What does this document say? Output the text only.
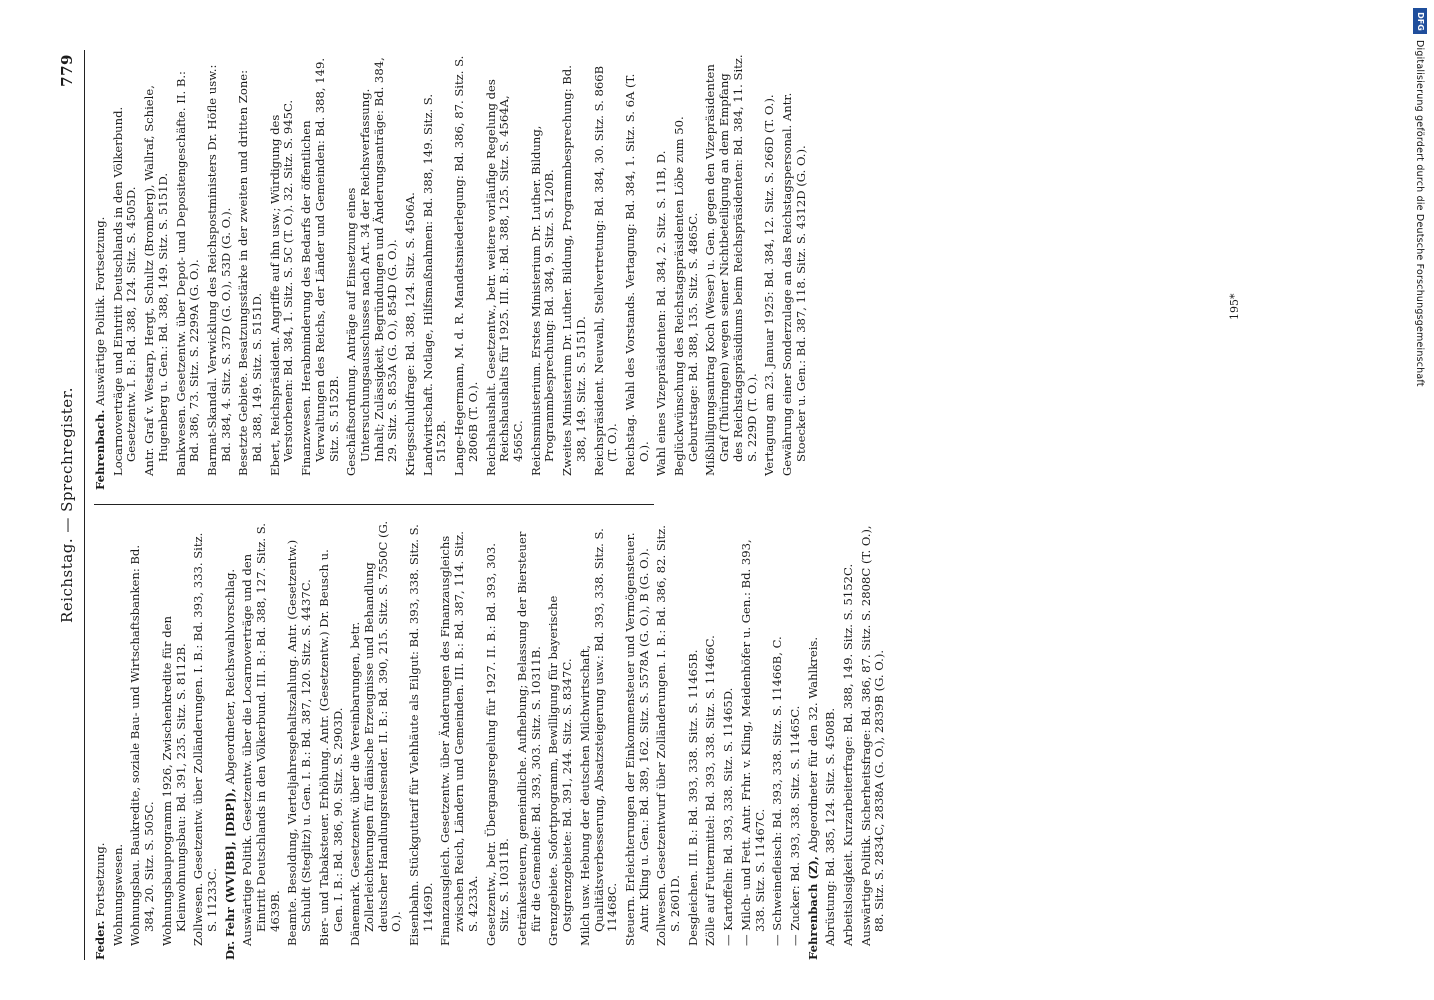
Reichstag. — Sprechregister.
779
Feder. Fortsetzung. Wohnungswesen. Wohnungsbau. Baukredite, soziale Bau- und Wirtschaftsbanken: Bd. 384, 20. Sitz. S. 505C. Wohnungsbauprogramm 1926, Zwischenkredite für den Kleinwohnungsbau: Bd. 391, 235. Sitz. S. 8112B. Zollwesen. Gesetzentw. über Zolländerungen. I. B.: Bd. 393, 333. Sitz. S. 11233C. Dr. Fehr (WV[BB], [DBP]), Abgeordneter, Reichswahlvorschlag. Auswärtige Politik. Gesetzentw. über die Locarnoverträge und den Eintritt Deutschlands in den Völkerbund. III. B.: Bd. 388, 127. Sitz. S. 4639B. Beamte. Besoldung, Vierteljahresgehaltszahlung. Antr. (Gesetzentw.) Schuldt (Steglitz) u. Gen. I. B.: Bd. 387, 120. Sitz. S. 4437C. Bier- und Tabaksteuer. Erhöhung. Antr. (Gesetzentw.) Dr. Beusch u. Gen. I. B.: Bd. 386, 90. Sitz. S. 2903D. Dänemark. Gesetzentw. über die Vereinbarungen, betr. Zollerleichterungen für dänische Erzeugnisse und Behandlung deutscher Handlungsreisender. II. B.: Bd. 390, 215. Sitz. S. 7550C (G. O.). Eisenbahn. Stückguttarif für Viehhäute als Eilgut: Bd. 393, 338. Sitz. S. 11469D. Finanzausgleich. Gesetzentw. über Änderungen des Finanzausgleichs zwischen Reich, Ländern und Gemeinden. III. B.: Bd. 387, 114. Sitz. S. 4233A. Gesetzentw., betr. Übergangsregelung für 1927. II. B.: Bd. 393, 303. Sitz. S. 10311B. Getränkesteuern, gemeindliche. Aufhebung; Belassung der Biersteuer für die Gemeinde: Bd. 393, 303. Sitz. S. 10311B. Grenzgebiete. Sofortprogramm, Bewilligung für bayerische Ostgrenzgebiete: Bd. 391, 244. Sitz. S. 8347C. Milch usw. Hebung der deutschen Milchwirtschaft, Qualitätsverbesserung, Absatzsteigerung usw.: Bd. 393, 338. Sitz. S. 11468C. Steuern. Erleichterungen der Einkommensteuer und Vermögensteuer. Antr. Kling u. Gen.: Bd. 389, 162. Sitz. S. 5578A (G. O.), B (G. O.). Zollwesen. Gesetzentwurf über Zolländerungen. I. B.: Bd. 386, 82. Sitz. S. 2601D. Desgleichen. III. B.: Bd. 393, 338. Sitz. S. 11465B. Zölle auf Futtermittel: Bd. 393, 338. Sitz. S. 11466C. — Kartoffeln: Bd. 393, 338. Sitz. S. 11465D. — Milch- und Fett. Antr. Frhr. v. Kling, Meidenhöfer u. Gen.: Bd. 393, 338. Sitz. S. 11467C. — Schweinefleisch: Bd. 393, 338. Sitz. S. 11466B, C. — Zucker: Bd. 393, 338. Sitz. S. 11465C. Fehrenbach (Z), Abgeordneter für den 32. Wahlkreis. Abrüstung: Bd. 385, 124. Sitz. S. 4508B. Arbeitslosigkeit. Kurzarbeiterfrage: Bd. 388, 149. Sitz. S. 5152C. Auswärtige Politik. Sicherheitsfrage: Bd. 386, 87. Sitz. S. 2808C (T. O.), 88. Sitz. S. 2834C, 2838A (G. O.), 2839B (G. O.).
Fehrenbach. Auswärtige Politik. Fortsetzung. Locarnoverträge und Eintritt Deutschlands in den Völkerbund. Gesetzentw. I. B.: Bd. 388, 124. Sitz. S. 4505D. Antr. Graf v. Westarp, Hergt, Schultz (Bromberg), Wallraf, Schiele, Hugenberg u. Gen.: Bd. 388, 149. Sitz. S. 5151D. Bankwesen. Gesetzentw. über Depot- und Depositengeschäfte. II. B.: Bd. 386, 73. Sitz. S. 2299A (G. O.). Barmat-Skandal. Verwicklung des Reichspostministers Dr. Höfle usw.: Bd. 384, 4. Sitz. S. 37D (G. O.), 53D (G. O.). Besetzte Gebiete. Besatzungsstärke in der zweiten und dritten Zone: Bd. 388, 149. Sitz. S. 5151D. Ebert, Reichspräsident. Angriffe auf ihn usw.; Würdigung des Verstorbenen: Bd. 384, 1. Sitz. S. 5C (T. O.). 32. Sitz. S. 945C. Finanzwesen. Herabminderung des Bedarfs der öffentlichen Verwaltungen des Reichs, der Länder und Gemeinden: Bd. 388, 149. Sitz. S. 5152B. Geschäftsordnung. Anträge auf Einsetzung eines Untersuchungsausschusses nach Art. 34 der Reichsverfassung. Inhalt; Zulässigkeit, Begründungen und Änderungsanträge: Bd. 384, 29. Sitz. S. 853A (G. O.), 854D (G. O.). Kriegsschuldfrage: Bd. 388, 124. Sitz. S. 4506A. Landwirtschaft. Notlage, Hilfsmaßnahmen: Bd. 388, 149. Sitz. S. 5152B. Lange-Hegermann, M. d. R. Mandatsniederlegung: Bd. 386, 87. Sitz. S. 2806B (T. O.). Reichshaushalt. Gesetzentw., betr. weitere vorläufige Regelung des Reichshaushalts für 1925. III. B.: Bd. 388, 125. Sitz. S. 4564A, 4565C. Reichsministerium. Erstes Ministerium Dr. Luther. Bildung, Programmbesprechung: Bd. 384, 9. Sitz. S. 120B. Zweites Ministerium Dr. Luther. Bildung, Programmbesprechung: Bd. 388, 149. Sitz. S. 5151D. Reichspräsident. Neuwahl, Stellvertretung: Bd. 384, 30. Sitz. S. 866B (T. O.). Reichstag. Wahl des Vorstands. Vertagung: Bd. 384, 1. Sitz. S. 6A (T. O.). Wahl eines Vizepräsidenten: Bd. 384, 2. Sitz. S. 11B, D. Beglückwünschung des Reichstagspräsidenten Löbe zum 50. Geburtstage: Bd. 388, 135. Sitz. S. 4865C. Mißbilligungsantrag Koch (Weser) u. Gen. gegen den Vizepräsidenten Graf (Thüringen) wegen seiner Nichtbeteiligung an dem Empfang des Reichstagspräsidiums beim Reichspräsidenten: Bd. 384, 11. Sitz. S. 229D (T. O.). Vertagung am 23. Januar 1925: Bd. 384, 12. Sitz. S. 266D (T. O.). Gewährung einer Sonderzulage an das Reichstagspersonal. Antr. Stoecker u. Gen.: Bd. 387, 118. Sitz. S. 4312D (G. O.).	195*
DFG
Digitalisierung gefördert durch die Deutsche Forschungsgemeinschaft
